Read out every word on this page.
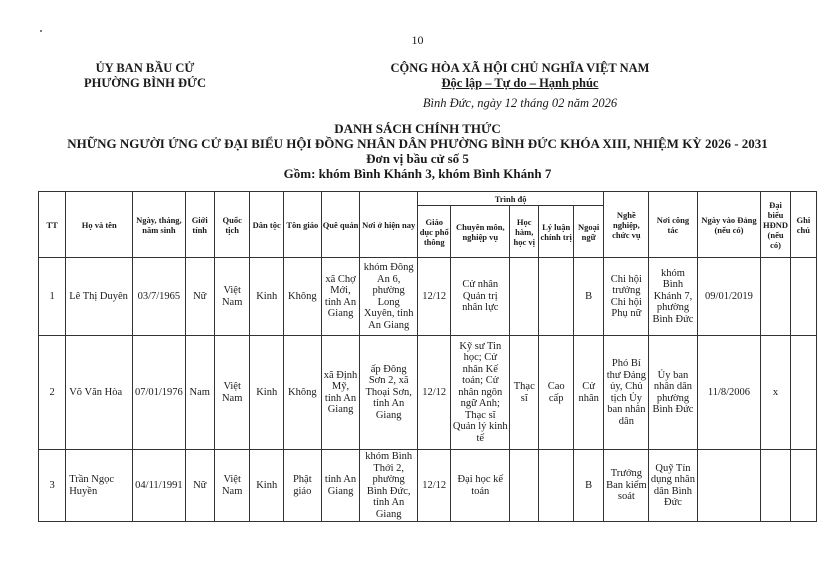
10
ỦY BAN BẦU CỬ
PHƯỜNG BÌNH ĐỨC
CỘNG HÒA XÃ HỘI CHỦ NGHĨA VIỆT NAM
Độc lập – Tự do – Hạnh phúc
Bình Đức, ngày 12 tháng 02 năm 2026
DANH SÁCH CHÍNH THỨC
NHỮNG NGƯỜI ỨNG CỬ ĐẠI BIỂU HỘI ĐỒNG NHÂN DÂN PHƯỜNG BÌNH ĐỨC KHÓA XIII, NHIỆM KỲ 2026 - 2031
Đơn vị bầu cử số 5
Gồm: khóm Bình Khánh 3, khóm Bình Khánh 7
TT	Họ và tên	Ngày, tháng, năm sinh	Giới tính	Quốc tịch	Dân tộc	Tôn giáo	Quê quán	Nơi ở hiện nay	Trình độ					Nghề nghiệp, chức vụ	Nơi công tác	Ngày vào Đảng (nếu có)	Đại biểu HĐND (nếu có)	Ghi chú
									Giáo dục phổ thông	Chuyên môn, nghiệp vụ	Học hàm, học vị	Lý luận chính trị	Ngoại ngữ					
1	Lê Thị Duyên	03/7/1965	Nữ	Việt Nam	Kinh	Không	xã Chợ Mới, tỉnh An Giang	khóm Đông An 6, phường Long Xuyên, tỉnh An Giang	12/12	Cử nhân Quản trị nhân lực			B	Chi hội trưởng Chi hội Phụ nữ	khóm Bình Khánh 7, phường Bình Đức	09/01/2019		
2	Võ Văn Hòa	07/01/1976	Nam	Việt Nam	Kinh	Không	xã Định Mỹ, tỉnh An Giang	ấp Đông Sơn 2, xã Thoại Sơn, tỉnh An Giang	12/12	Kỹ sư Tin học; Cử nhân Kế toán; Cử nhân ngôn ngữ Anh; Thạc sĩ Quản lý kinh tế	Thạc sĩ	Cao cấp	Cử nhân	Phó Bí thư Đảng ủy, Chủ tịch Ủy ban nhân dân	Ủy ban nhân dân phường Bình Đức	11/8/2006	x	
3	Trần Ngọc Huyền	04/11/1991	Nữ	Việt Nam	Kinh	Phật giáo	tỉnh An Giang	khóm Bình Thới 2, phường Bình Đức, tỉnh An Giang	12/12	Đại học kế toán			B	Trưởng Ban kiểm soát	Quỹ Tín dụng nhân dân Bình Đức			
